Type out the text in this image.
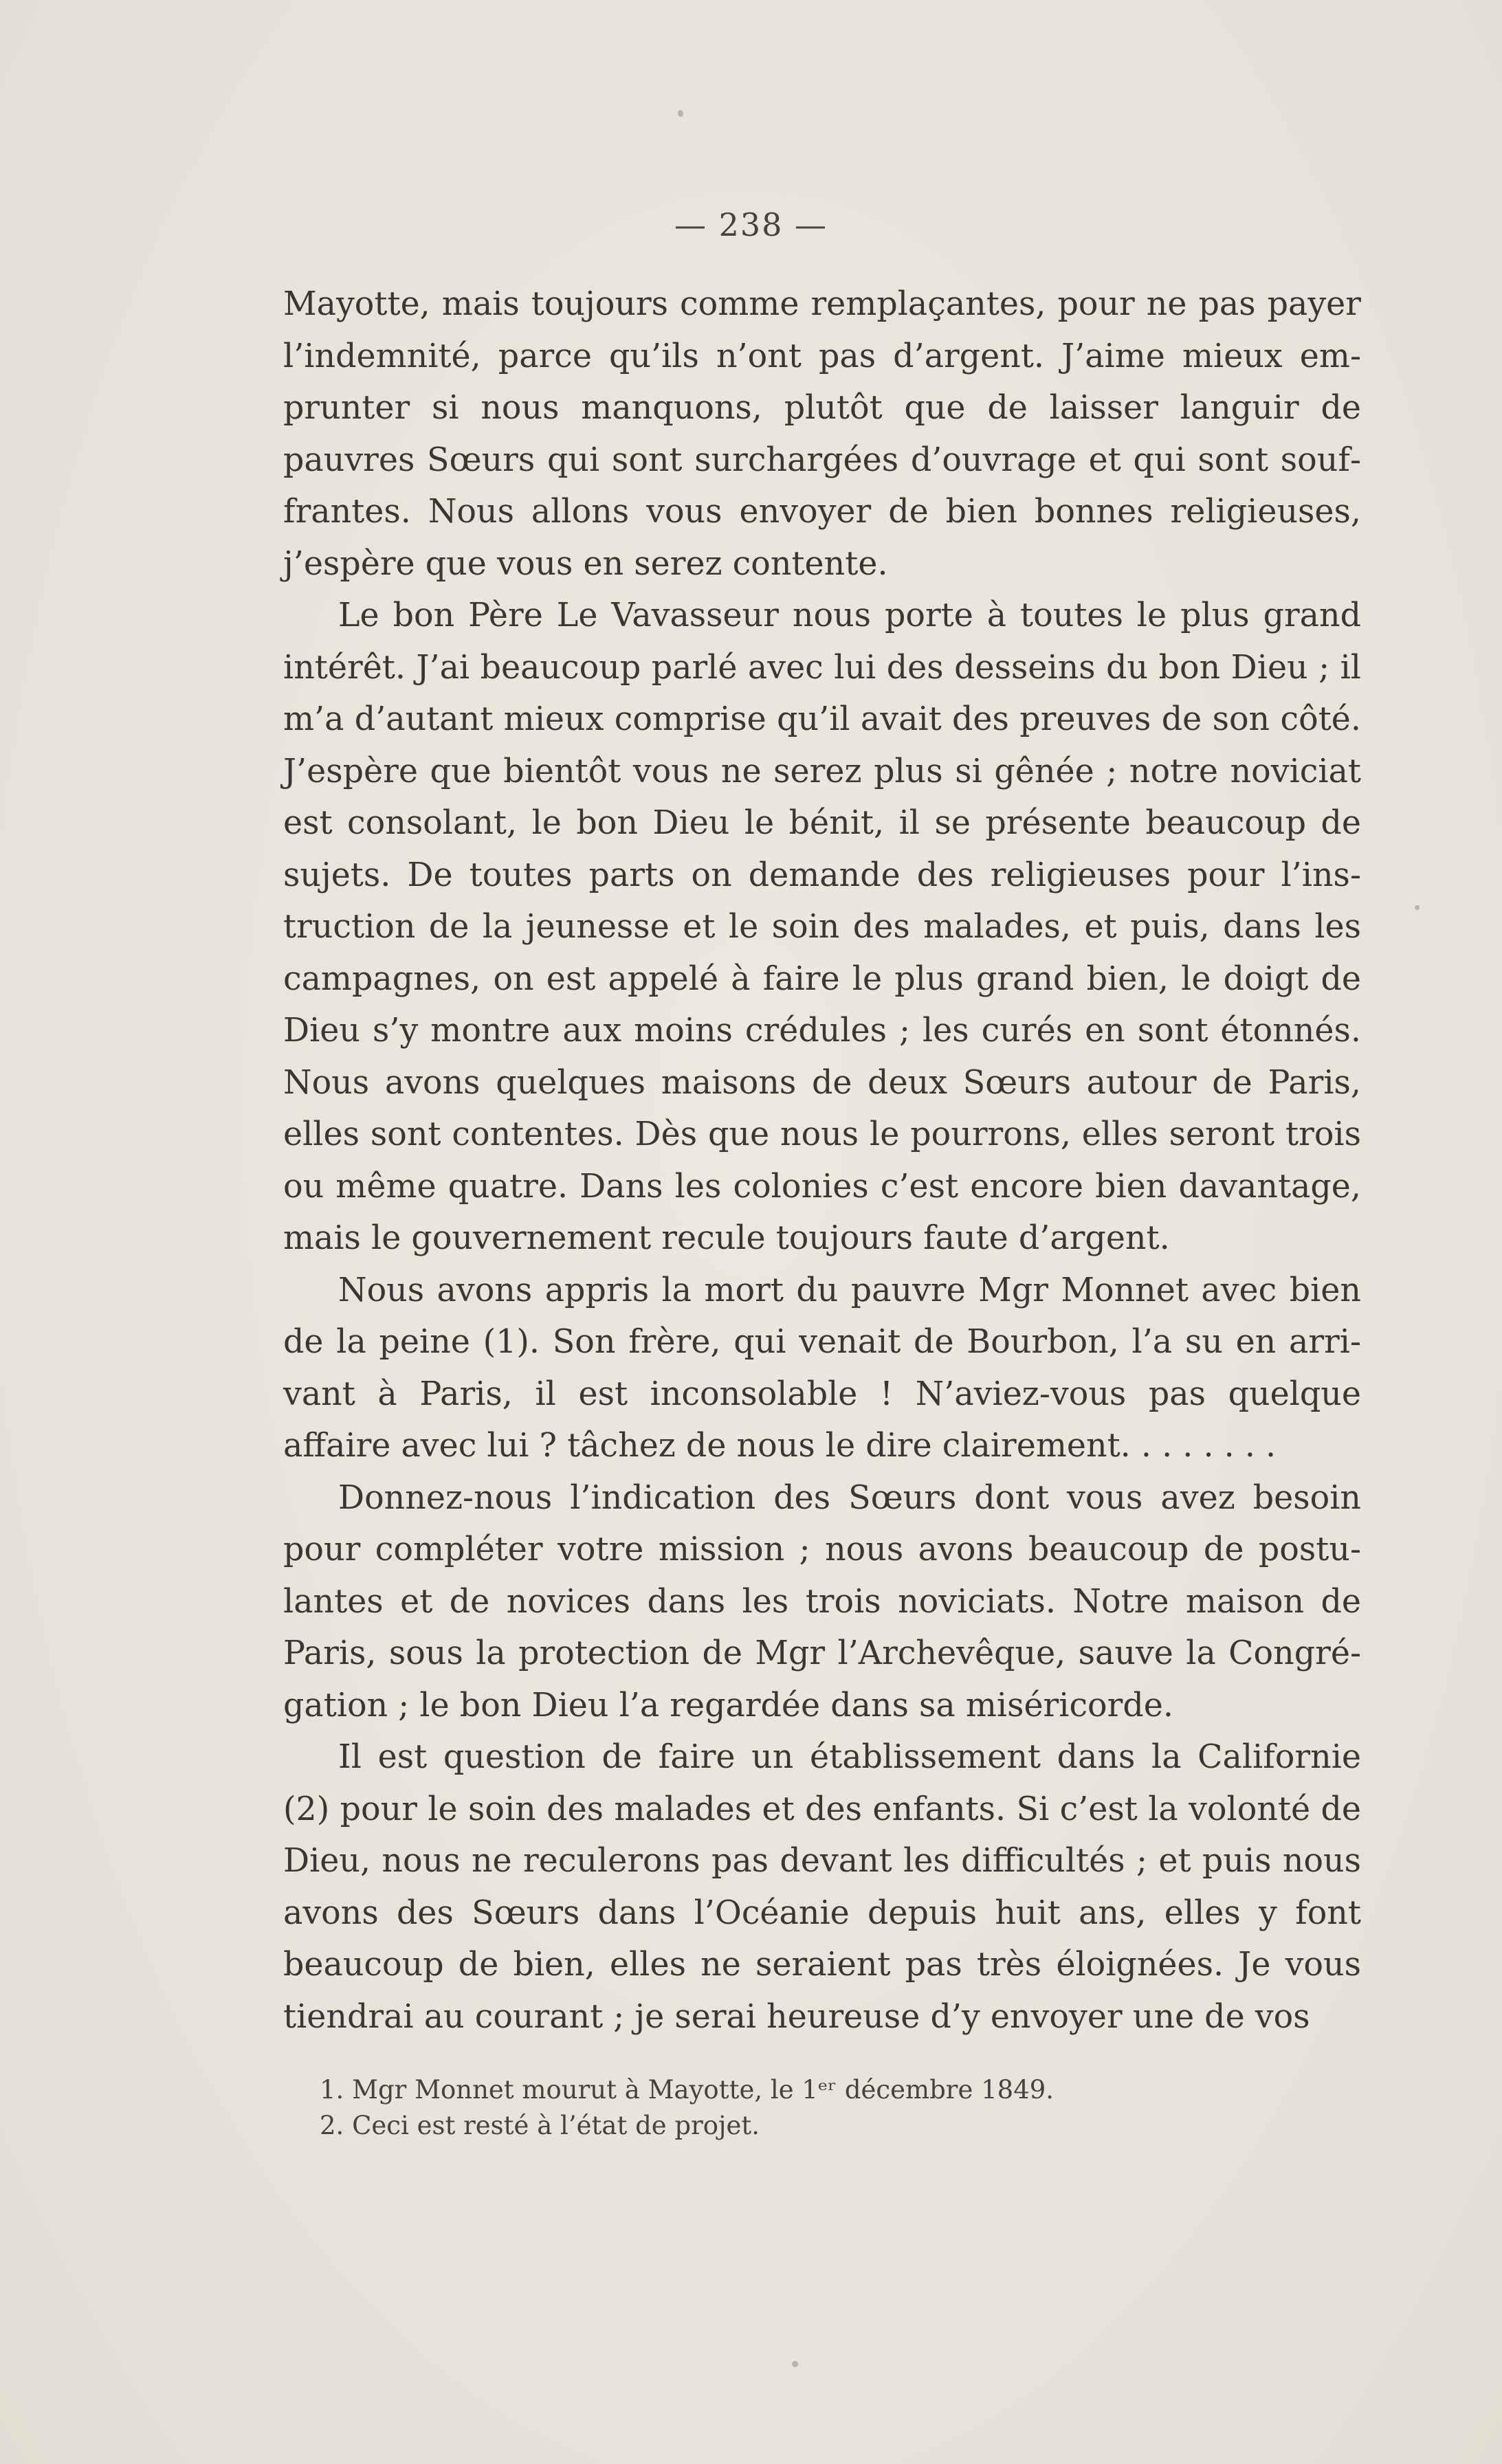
— 238 —

Mayotte, mais toujours comme remplaçantes, pour ne pas payer l’indemnité, parce qu’ils n’ont pas d’argent. J’aime mieux emprunter si nous manquons, plutôt que de laisser languir de pauvres Sœurs qui sont surchargées d’ouvrage et qui sont souffrantes. Nous allons vous envoyer de bien bonnes religieuses, j’espère que vous en serez contente.

Le bon Père Le Vavasseur nous porte à toutes le plus grand intérêt. J’ai beaucoup parlé avec lui des desseins du bon Dieu ; il m’a d’autant mieux comprise qu’il avait des preuves de son côté. J’espère que bientôt vous ne serez plus si gênée ; notre noviciat est consolant, le bon Dieu le bénit, il se présente beaucoup de sujets. De toutes parts on demande des religieuses pour l’instruction de la jeunesse et le soin des malades, et puis, dans les campagnes, on est appelé à faire le plus grand bien, le doigt de Dieu s’y montre aux moins crédules ; les curés en sont étonnés. Nous avons quelques maisons de deux Sœurs autour de Paris, elles sont contentes. Dès que nous le pourrons, elles seront trois ou même quatre. Dans les colonies c’est encore bien davantage, mais le gouvernement recule toujours faute d’argent.

Nous avons appris la mort du pauvre Mgr Monnet avec bien de la peine (1). Son frère, qui venait de Bourbon, l’a su en arrivant à Paris, il est inconsolable ! N’aviez-vous pas quelque affaire avec lui ? tâchez de nous le dire clairement. . . . . . . .

Donnez-nous l’indication des Sœurs dont vous avez besoin pour compléter votre mission ; nous avons beaucoup de postulantes et de novices dans les trois noviciats. Notre maison de Paris, sous la protection de Mgr l’Archevêque, sauve la Congrégation ; le bon Dieu l’a regardée dans sa miséricorde.

Il est question de faire un établissement dans la Californie (2) pour le soin des malades et des enfants. Si c’est la volonté de Dieu, nous ne reculerons pas devant les difficultés ; et puis nous avons des Sœurs dans l’Océanie depuis huit ans, elles y font beaucoup de bien, elles ne seraient pas très éloignées. Je vous tiendrai au courant ; je serai heureuse d’y envoyer une de vos

1. Mgr Monnet mourut à Mayotte, le 1ᵉʳ décembre 1849.

2. Ceci est resté à l’état de projet.
